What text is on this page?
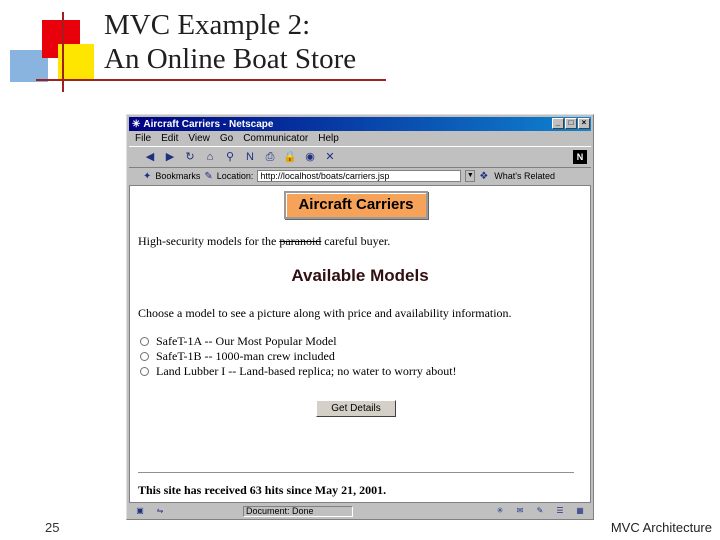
MVC Example 2:
An Online Boat Store
✳ Aircraft Carriers - Netscape	_	□	×
File Edit View Go Communicator Help
◀ ▶ ↻	⌂	⚲ N ⎙ 🔒 ◉ ✕	N
✦ Bookmarks ✎ Location: http://localhost/boats/carriers.jsp	▼ ❖ What's Related
Aircraft Carriers
High-security models for the paranoid careful buyer.
Available Models
Choose a model to see a picture along with price and availability information.
SafeT-1A -- Our Most Popular Model
SafeT-1B -- 1000-man crew included
Land Lubber I -- Land-based replica; no water to worry about!
Get Details
This site has received 63 hits since May 21, 2001.
▣	⇋	Document: Done	✳	✉	✎	☰	▦
25	MVC Architecture
